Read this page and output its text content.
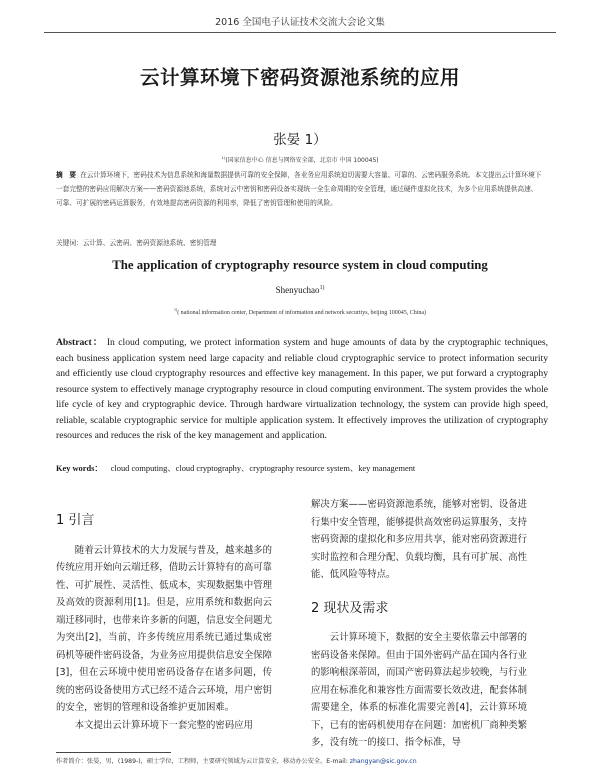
2016 全国电子认证技术交流大会论文集
云计算环境下密码资源池系统的应用
张晏 1）
$^{1)}$(国家信息中心 信息与网络安全部，北京市 中国 100045)
摘　要 在云计算环境下，密码技术为信息系统和海量数据提供可靠的安全保障，各业务应用系统迫切需要大容量、可靠的、云密码服务系统。本文提出云计算环境下一套完整的密码应用解决方案——密码资源池系统，系统对云中密钥和密码设备实现统一全生命周期的安全管理，通过硬件虚拟化技术，为多个应用系统提供高速、可靠、可扩展的密码运算服务，有效地提高密码资源的利用率，降低了密钥管理和使用的风险。
关键词：云计算、云密码、密码资源池系统、密钥管理
The application of cryptography resource system in cloud computing
Shenyuchao$^{1)}$
$^{1)}$( national information center, Department of information and network securitys, beijing 100045, China)
Abstract： In cloud computing, we protect information system and huge amounts of data by the cryptographic techniques, each business application system need large capacity and reliable cloud cryptographic service to protect information security and efficiently use cloud cryptography resources and effective key management. In this paper, we put forward a cryptography resource system to effectively manage cryptography resource in cloud computing environment. The system provides the whole life cycle of key and cryptographic device. Through hardware virtualization technology, the system can provide high speed, reliable, scalable cryptographic service for multiple application system. It effectively improves the utilization of cryptography resources and reduces the risk of the key management and application.
Key words： cloud computing、cloud cryptography、cryptography resource system、key management
1 引言

随着云计算技术的大力发展与普及，越来越多的传统应用开始向云端迁移，借助云计算特有的高可靠性、可扩展性、灵活性、低成本，实现数据集中管理及高效的资源利用[1]。但是，应用系统和数据向云端迁移同时，也带来许多新的问题，信息安全问题尤为突出[2]，当前，许多传统应用系统已通过集成密码机等硬件密码设备，为业务应用提供信息安全保障[3]，但在云环境中使用密码设备存在诸多问题，传统的密码设备使用方式已经不适合云环境，用户密钥的安全，密钥的管理和设备维护更加困难。

本文提出云计算环境下一套完整的密码应用

解决方案——密码资源池系统，能够对密钥、设备进行集中安全管理，能够提供高效密码运算服务，支持密码资源的虚拟化和多应用共享，能对密码资源进行实时监控和合理分配、负载均衡，具有可扩展、高性能、低风险等特点。

2 现状及需求

云计算环境下，数据的安全主要依靠云中部署的密码设备来保障。但由于国外密码产品在国内各行业的影响根深蒂固，而国产密码算法起步较晚，与行业应用在标准化和兼容性方面需要长效改进，配套体制需要建全，体系的标准化需要完善[4]，云计算环境下，已有的密码机使用存在问题：加密机厂商种类繁多，没有统一的接口、指令标准，导

作者简介：张晏，男，(1989-)，硕士学位，工程师，主要研究领域为云计算安全，移动办公安全。E-mail: zhangyan@sic.gov.cn
